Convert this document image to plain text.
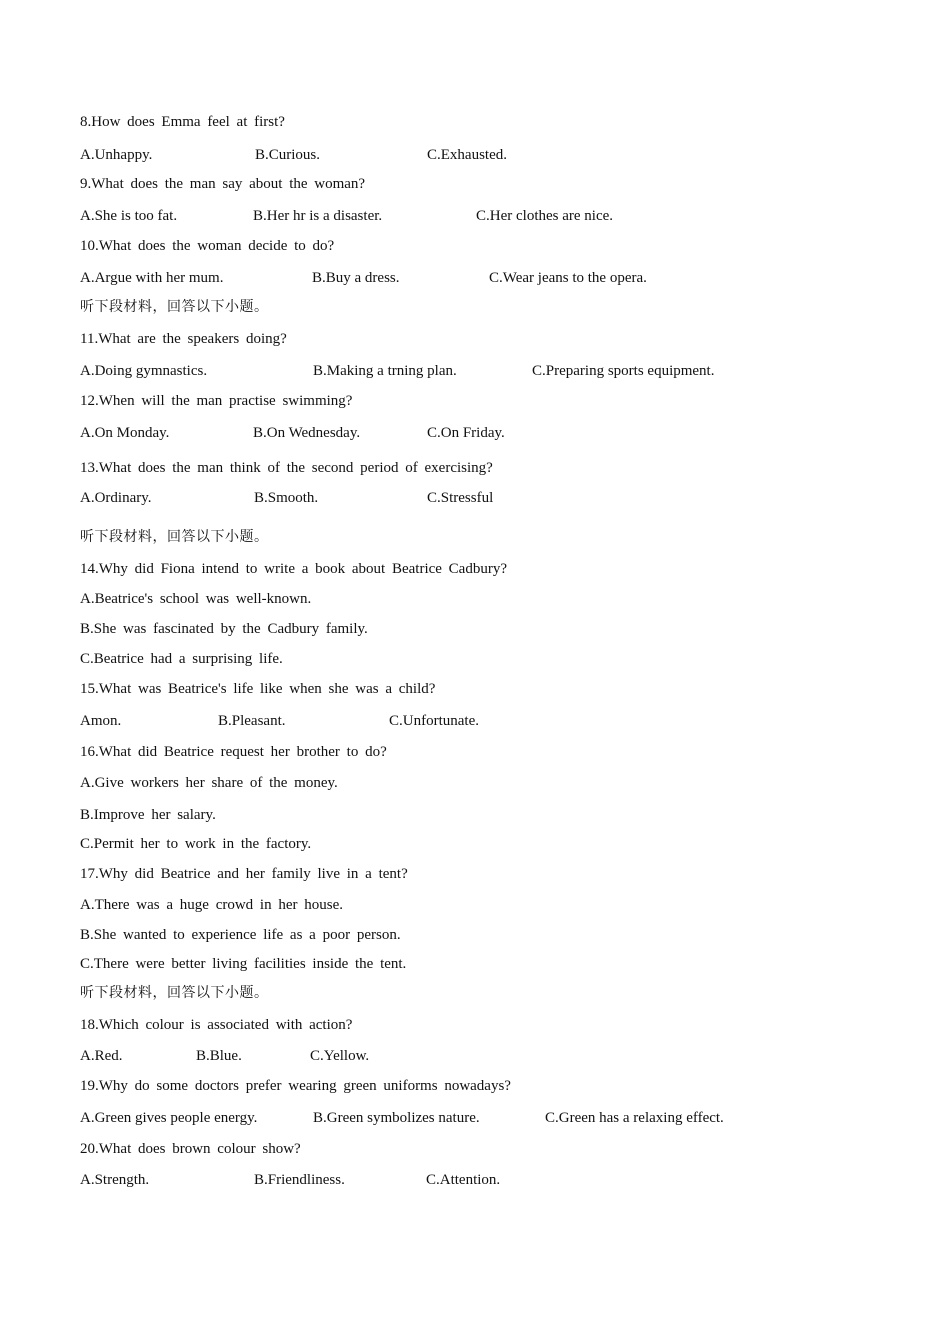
8.How does Emma feel at first?
A.Unhappy.	B.Curious.	C.Exhausted.
9.What does the man say about the woman?
A.She is too fat.	B.Her hr is a disaster.	C.Her clothes are nice.
10.What does the woman decide to do?
A.Argue with her mum.	B.Buy a dress.	C.Wear jeans to the opera.
听下段材料，回答以下小题。
11.What are the speakers doing?
A.Doing gymnastics.	B.Making a trning plan.	C.Preparing sports equipment.
12.When will the man practise swimming?
A.On Monday.	B.On Wednesday.	C.On Friday.
13.What does the man think of the second period of exercising?
A.Ordinary.	B.Smooth.	C.Stressful
听下段材料，回答以下小题。
14.Why did Fiona intend to write a book about Beatrice Cadbury?
A.Beatrice's school was well-known.
B.She was fascinated by the Cadbury family.
C.Beatrice had a surprising life.
15.What was Beatrice's life like when she was a child?
Amon.	B.Pleasant.	C.Unfortunate.
16.What did Beatrice request her brother to do?
A.Give workers her share of the money.
B.Improve her salary.
C.Permit her to work in the factory.
17.Why did Beatrice and her family live in a tent?
A.There was a huge crowd in her house.
B.She wanted to experience life as a poor person.
C.There were better living facilities inside the tent.
听下段材料，回答以下小题。
18.Which colour is associated with action?
A.Red.	B.Blue.	C.Yellow.
19.Why do some doctors prefer wearing green uniforms nowadays?
A.Green gives people energy.	B.Green symbolizes nature.	C.Green has a relaxing effect.
20.What does brown colour show?
A.Strength.	B.Friendliness.	C.Attention.
